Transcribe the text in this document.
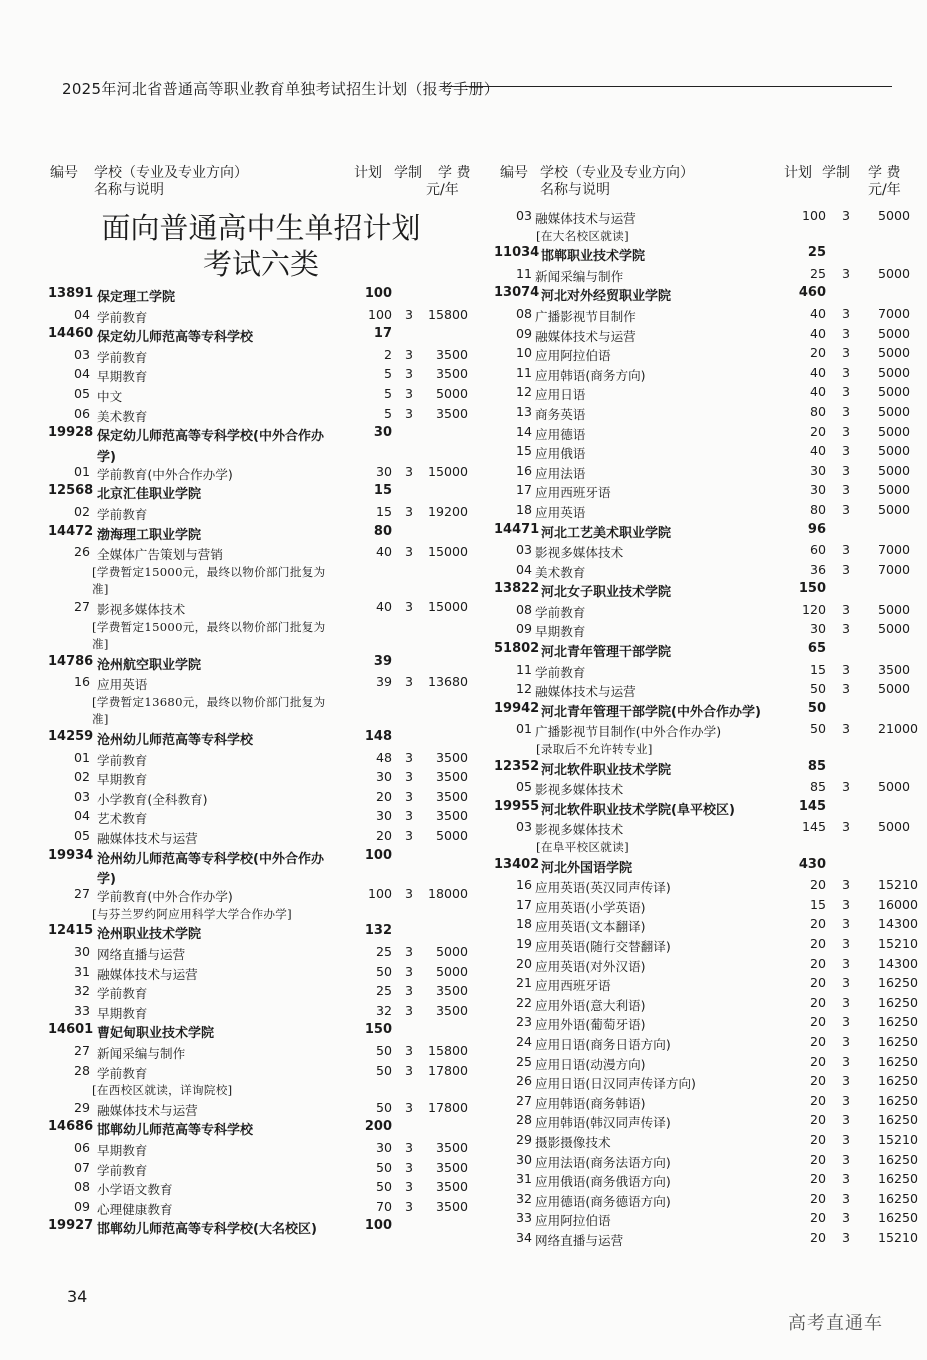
2025年河北省普通高等职业教育单独考试招生计划（报考手册）
编号 学校（专业及专业方向）
名称与说明
计划 学制 学 费
元/年
面向普通高中生单招计划
考试六类
13891 保定理工学院	100
04 学前教育	100 3 15800
14460 保定幼儿师范高等专科学校	17
03 学前教育	2 3	3500
04 早期教育	5 3	3500
05 中文	5 3	5000
06 美术教育	5 3	3500
19928 保定幼儿师范高等专科学校(中外合作办	30
学)
01 学前教育(中外合作办学)	30 3 15000
12568 北京汇佳职业学院	15
02 学前教育	15 3 19200
14472 渤海理工职业学院	80
26 全媒体广告策划与营销	40 3 15000
[学费暂定15000元，最终以物价部门批复为
准]
27 影视多媒体技术	40 3 15000
[学费暂定15000元，最终以物价部门批复为
准]
14786 沧州航空职业学院	39
16 应用英语	39 3 13680
[学费暂定13680元，最终以物价部门批复为
准]
14259 沧州幼儿师范高等专科学校	148
01 学前教育	48 3	3500
02 早期教育	30 3	3500
03 小学教育(全科教育)	20 3	3500
04 艺术教育	30 3	3500
05 融媒体技术与运营	20 3	5000
19934 沧州幼儿师范高等专科学校(中外合作办	100
学)
27 学前教育(中外合作办学)	100 3 18000
[与芬兰罗约阿应用科学大学合作办学]
12415 沧州职业技术学院	132
30 网络直播与运营	25 3	5000
31 融媒体技术与运营	50 3	5000
32 学前教育	25 3	3500
33 早期教育	32 3	3500
14601 曹妃甸职业技术学院	150
27 新闻采编与制作	50 3 15800
28 学前教育	50 3 17800
[在西校区就读，详询院校]
29 融媒体技术与运营	50 3 17800
14686 邯郸幼儿师范高等专科学校	200
06 早期教育	30 3	3500
07 学前教育	50 3	3500
08 小学语文教育	50 3	3500
09 心理健康教育	70 3	3500
19927 邯郸幼儿师范高等专科学校(大名校区)	100
编号 学校（专业及专业方向）
名称与说明
计划 学制 学 费
元/年
03 融媒体技术与运营	100 3 5000
[在大名校区就读]
11034 邯郸职业技术学院	25
11 新闻采编与制作	25 3 5000
13074 河北对外经贸职业学院	460
08 广播影视节目制作	40 3 7000
09 融媒体技术与运营	40 3 5000
10 应用阿拉伯语	20 3 5000
11 应用韩语(商务方向)	40 3 5000
12 应用日语	40 3 5000
13 商务英语	80 3 5000
14 应用德语	20 3 5000
15 应用俄语	40 3 5000
16 应用法语	30 3 5000
17 应用西班牙语	30 3 5000
18 应用英语	80 3 5000
14471 河北工艺美术职业学院	96
03 影视多媒体技术	60 3 7000
04 美术教育	36 3 7000
13822 河北女子职业技术学院	150
08 学前教育	120 3 5000
09 早期教育	30 3 5000
51802 河北青年管理干部学院	65
11 学前教育	15 3 3500
12 融媒体技术与运营	50 3 5000
19942 河北青年管理干部学院(中外合作办学)	50
01 广播影视节目制作(中外合作办学)	50 3 21000
[录取后不允许转专业]
12352 河北软件职业技术学院	85
05 影视多媒体技术	85 3 5000
19955 河北软件职业技术学院(阜平校区)	145
03 影视多媒体技术	145 3 5000
[在阜平校区就读]
13402 河北外国语学院	430
16 应用英语(英汉同声传译)	20 3 15210
17 应用英语(小学英语)	15 3 16000
18 应用英语(文本翻译)	20 3 14300
19 应用英语(随行交替翻译)	20 3 15210
20 应用英语(对外汉语)	20 3 14300
21 应用西班牙语	20 3 16250
22 应用外语(意大利语)	20 3 16250
23 应用外语(葡萄牙语)	20 3 16250
24 应用日语(商务日语方向)	20 3 16250
25 应用日语(动漫方向)	20 3 16250
26 应用日语(日汉同声传译方向)	20 3 16250
27 应用韩语(商务韩语)	20 3 16250
28 应用韩语(韩汉同声传译)	20 3 16250
29 摄影摄像技术	20 3 15210
30 应用法语(商务法语方向)	20 3 16250
31 应用俄语(商务俄语方向)	20 3 16250
32 应用德语(商务德语方向)	20 3 16250
33 应用阿拉伯语	20 3 16250
34 网络直播与运营	20 3 15210
34
高考直通车
